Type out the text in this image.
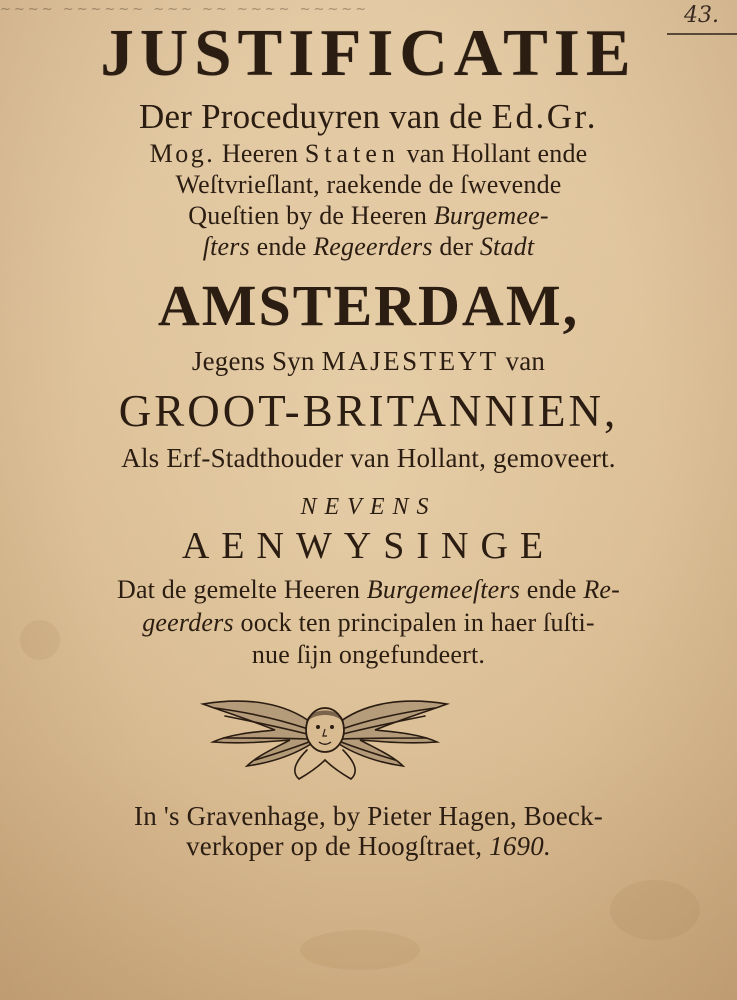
~~~~ ~~~~~~ ~~~ ~~ ~~~~ ~~~~~	43.
JUSTIFICATIE
Der Proceduyren van de Ed.Gr.
Mog. Heeren Staten van Hollant ende
Weſtvrieſlant, raekende de ſwevende
Queſtien by de Heeren Burgemee-
ſters ende Regeerders der Stadt
AMSTERDAM,
Jegens Syn MAJESTEYT van
GROOT-BRITANNIEN,
Als Erf-Stadthouder van Hollant, gemoveert.
NEVENS
AENWYSINGE
Dat de gemelte Heeren Burgemeeſters ende Re-
geerders oock ten principalen in haer ſuſti-
nue ſijn ongefundeert.
In 's Gravenhage, by Pieter Hagen, Boeck-
verkoper op de Hoogſtraet, 1690.
